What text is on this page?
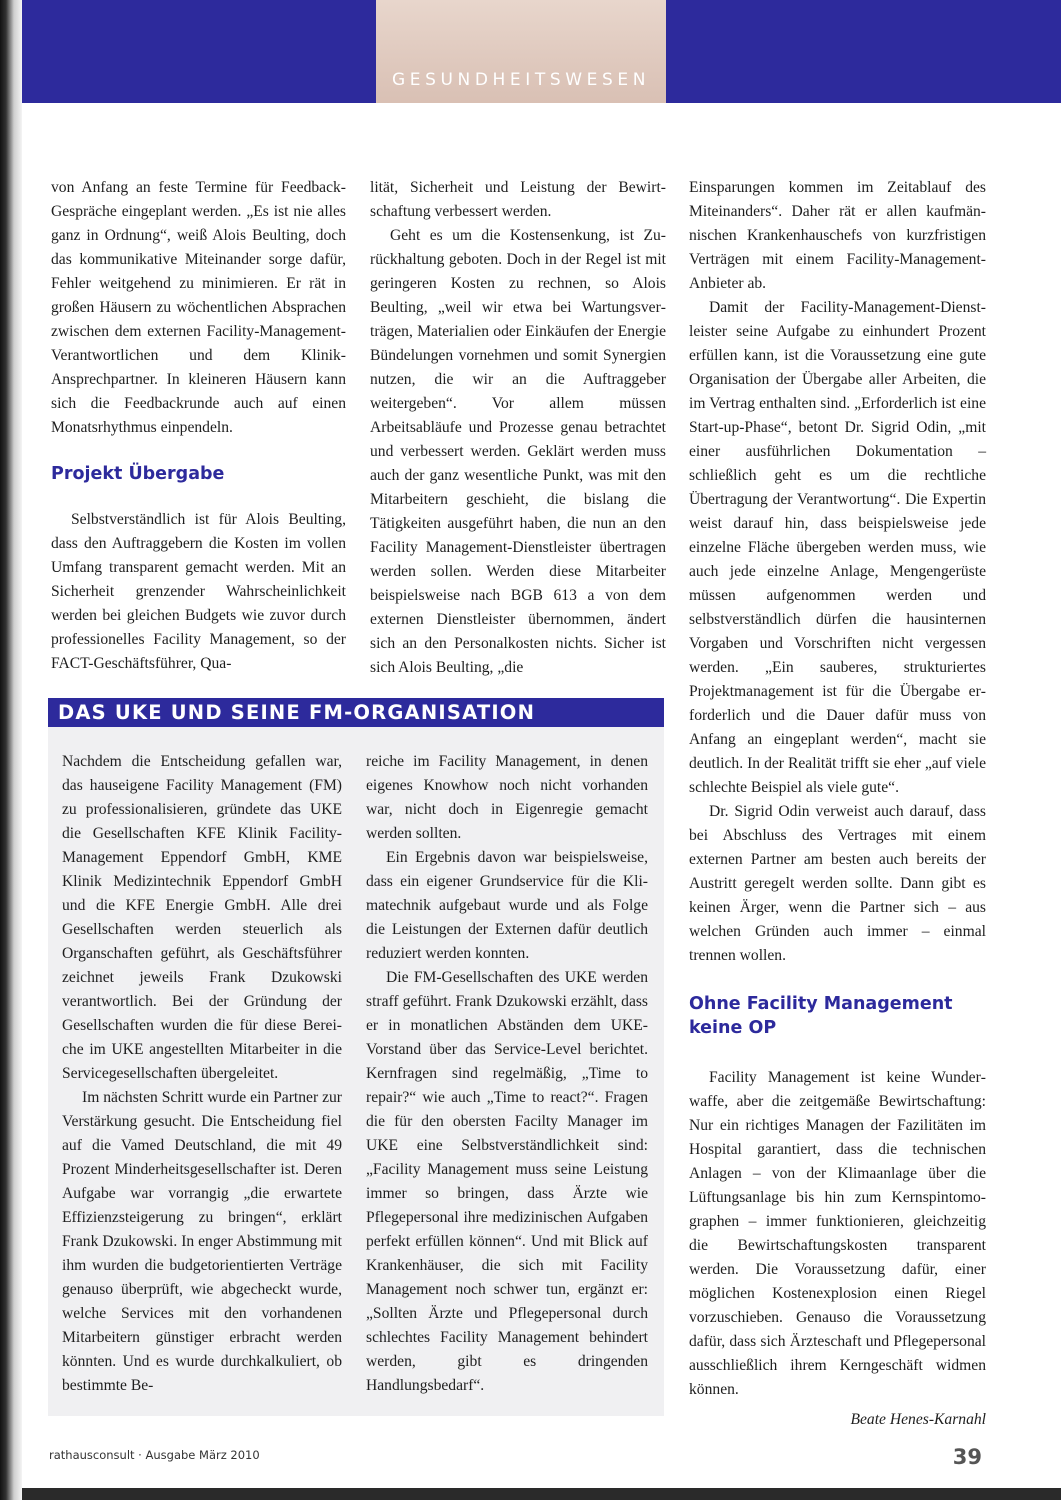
GESUNDHEITSWESEN

von Anfang an feste Termine für Feedback-Gespräche eingeplant werden. „Es ist nie alles ganz in Ordnung“, weiß Alois Beulting, doch das kommunikative Miteinander sorge dafür, Fehler weitgehend zu minimieren. Er rät in großen Häusern zu wöchentlichen Absprachen zwischen dem externen Facility-Management-Verantwortlichen und dem Klinik-Ansprechpartner. In kleineren Häusern kann sich die Feedbackrunde auch auf einen Monatsrhythmus einpendeln.

Projekt Übergabe

Selbstverständlich ist für Alois Beulting, dass den Auftraggebern die Kosten im vollen Umfang transparent gemacht werden. Mit an Sicherheit grenzender Wahrscheinlichkeit werden bei gleichen Budgets wie zuvor durch professionelles Facility Management, so der FACT-Geschäftsführer, Qua-

lität, Sicherheit und Leistung der Bewirtschaftung verbessert werden.

Geht es um die Kostensenkung, ist Zurückhaltung geboten. Doch in der Regel ist mit geringeren Kosten zu rechnen, so Alois Beulting, „weil wir etwa bei Wartungsverträgen, Materialien oder Einkäufen der Energie Bündelungen vornehmen und somit Synergien nutzen, die wir an die Auftraggeber weitergeben“. Vor allem müssen Arbeitsabläufe und Prozesse genau betrachtet und verbessert werden. Geklärt werden muss auch der ganz wesentliche Punkt, was mit den Mitarbeitern geschieht, die bislang die Tätigkeiten ausgeführt haben, die nun an den Facility Management-Dienstleister übertragen werden sollen. Werden diese Mitarbeiter beispielsweise nach BGB 613 a von dem externen Dienstleister übernommen, ändert sich an den Personalkosten nichts. Sicher ist sich Alois Beulting, „die

Einsparungen kommen im Zeitablauf des Miteinanders“. Daher rät er allen kaufmännischen Krankenhauschefs von kurzfristigen Verträgen mit einem Facility-Management-Anbieter ab.

Damit der Facility-Management-Dienstleister seine Aufgabe zu einhundert Prozent erfüllen kann, ist die Voraussetzung eine gute Organisation der Übergabe aller Arbeiten, die im Vertrag enthalten sind. „Erforderlich ist eine Start-up-Phase“, betont Dr. Sigrid Odin, „mit einer ausführlichen Dokumentation – schließlich geht es um die rechtliche Übertragung der Verantwortung“. Die Expertin weist darauf hin, dass beispielsweise jede einzelne Fläche übergeben werden muss, wie auch jede einzelne Anlage, Mengengerüste müssen aufgenommen werden und selbstverständlich dürfen die hausinternen Vorgaben und Vorschriften nicht vergessen werden. „Ein sauberes, strukturiertes Projektmanagement ist für die Übergabe erforderlich und die Dauer dafür muss von Anfang an eingeplant werden“, macht sie deutlich. In der Realität trifft sie eher „auf viele schlechte Beispiel als viele gute“.

Dr. Sigrid Odin verweist auch darauf, dass bei Abschluss des Vertrages mit einem externen Partner am besten auch bereits der Austritt geregelt werden sollte. Dann gibt es keinen Ärger, wenn die Partner sich – aus welchen Gründen auch immer – einmal trennen wollen.

Ohne Facility Management
keine OP

Facility Management ist keine Wunderwaffe, aber die zeitgemäße Bewirtschaftung: Nur ein richtiges Managen der Fazilitäten im Hospital garantiert, dass die technischen Anlagen – von der Klimaanlage über die Lüftungsanlage bis hin zum Kernspintomographen – immer funktionieren, gleichzeitig die Bewirtschaftungskosten transparent werden. Die Voraussetzung dafür, einer möglichen Kostenexplosion einen Riegel vorzuschieben. Genauso die Voraussetzung dafür, dass sich Ärzteschaft und Pflegepersonal ausschließlich ihrem Kerngeschäft widmen können.

Beate Henes-Karnahl

DAS UKE UND SEINE FM-ORGANISATION

Nachdem die Entscheidung gefallen war, das hauseigene Facility Management (FM) zu professionalisieren, gründete das UKE die Gesellschaften KFE Klinik Facility-Management Eppendorf GmbH, KME Klinik Medizintechnik Eppendorf GmbH und die KFE Energie GmbH. Alle drei Gesellschaften werden steuerlich als Organschaften geführt, als Geschäftsführer zeichnet jeweils Frank Dzukowski verantwortlich. Bei der Gründung der Gesellschaften wurden die für diese Bereiche im UKE angestellten Mitarbeiter in die Servicegesellschaften übergeleitet.

Im nächsten Schritt wurde ein Partner zur Verstärkung gesucht. Die Entscheidung fiel auf die Vamed Deutschland, die mit 49 Prozent Minderheitsgesellschafter ist. Deren Aufgabe war vorrangig „die erwartete Effizienzsteigerung zu bringen“, erklärt Frank Dzukowski. In enger Abstimmung mit ihm wurden die budgetorientierten Verträge genauso überprüft, wie abgecheckt wurde, welche Services mit den vorhandenen Mitarbeitern günstiger erbracht werden könnten. Und es wurde durchkalkuliert, ob bestimmte Be-

reiche im Facility Management, in denen eigenes Knowhow noch nicht vorhanden war, nicht doch in Eigenregie gemacht werden sollten.

Ein Ergebnis davon war beispielsweise, dass ein eigener Grundservice für die Klimatechnik aufgebaut wurde und als Folge die Leistungen der Externen dafür deutlich reduziert werden konnten.

Die FM-Gesellschaften des UKE werden straff geführt. Frank Dzukowski erzählt, dass er in monatlichen Abständen dem UKE-Vorstand über das Service-Level berichtet. Kernfragen sind regelmäßig, „Time to repair?“ wie auch „Time to react?“. Fragen die für den obersten Facilty Manager im UKE eine Selbstverständlichkeit sind: „Facility Management muss seine Leistung immer so bringen, dass Ärzte wie Pflegepersonal ihre medizinischen Aufgaben perfekt erfüllen können“. Und mit Blick auf Krankenhäuser, die sich mit Facility Management noch schwer tun, ergänzt er: „Sollten Ärzte und Pflegepersonal durch schlechtes Facility Management behindert werden, gibt es dringenden Handlungsbedarf“.

rathausconsult · Ausgabe März 2010	39
